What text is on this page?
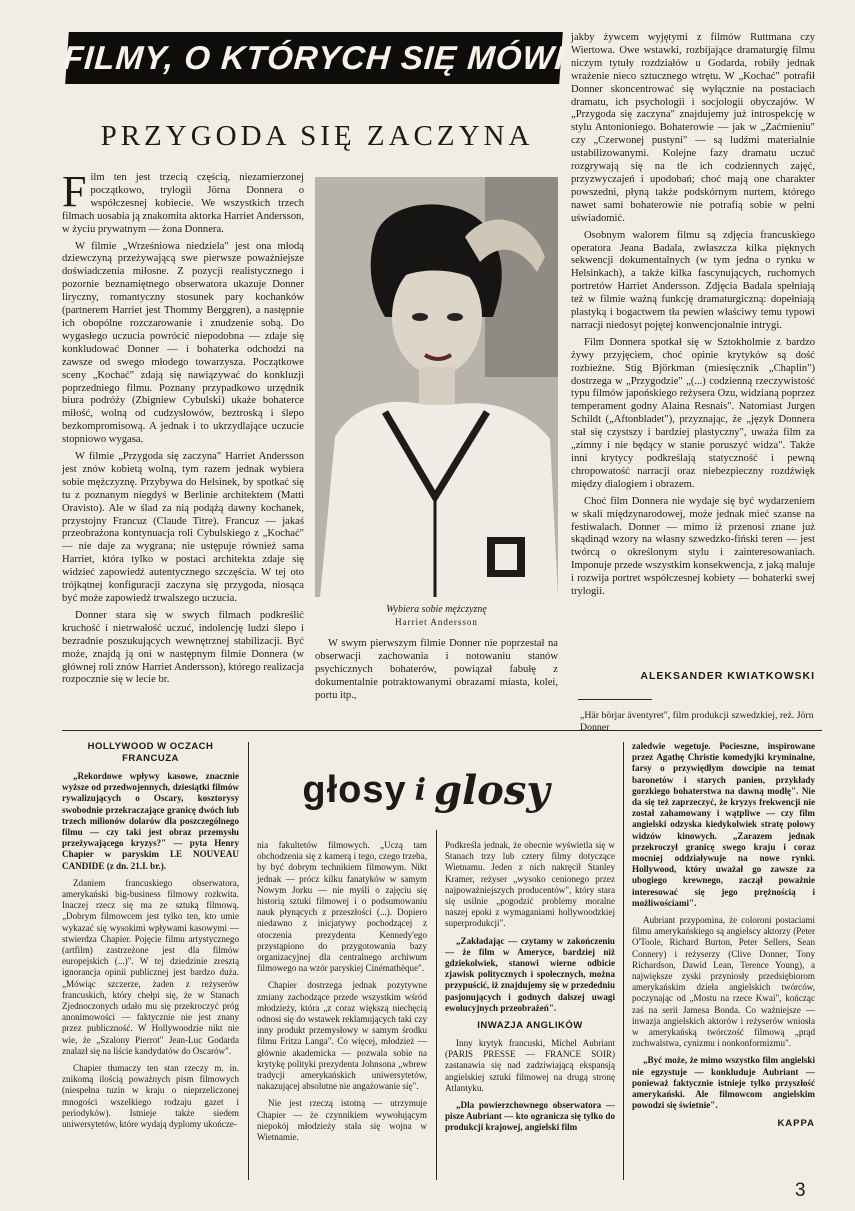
FILMY, O KTÓRYCH SIĘ MÓWI
PRZYGODA SIĘ ZACZYNA

Film ten jest trzecią częścią, niezamierzonej początkowo, trylogii Jörna Donnera o współczesnej kobiecie. We wszystkich trzech filmach uosabia ją znakomita aktorka Harriet Andersson, w życiu prywatnym — żona Donnera.

W filmie „Wrześniowa niedziela" jest ona młodą dziewczyną przeżywającą swe pierwsze poważniejsze doświadczenia miłosne. Z pozycji realistycznego i pozornie beznamiętnego obserwatora ukazuje Donner liryczny, romantyczny stosunek pary kochanków (partnerem Harriet jest Thommy Berggren), a następnie ich obopólne rozczarowanie i znudzenie sobą. Do wygasłego uczucia powrócić niepodobna — zdaje się konkludować Donner — i bohaterka odchodzi na zawsze od swego młodego towarzysza. Początkowe sceny „Kochać" zdają się nawiązywać do konkluzji poprzedniego filmu. Poznany przypadkowo urzędnik biura podróży (Zbigniew Cybulski) ukaże bohaterce miłość, wolną od cudzysłowów, beztroską i ślepo bezkompromisową. A jednak i to ukrzydlające uczucie stopniowo wygasa.

W filmie „Przygoda się zaczyna" Harriet Andersson jest znów kobietą wolną, tym razem jednak wybiera sobie mężczyznę. Przybywa do Helsinek, by spotkać się tu z poznanym niegdyś w Berlinie architektem (Matti Oravisto). Ale w ślad za nią podążą dawny kochanek, przystojny Francuz (Claude Titre). Francuz — jakaś przeobrażona kontynuacja roli Cybulskiego z „Kochać" — nie daje za wygrana; nie ustępuje również sama Harriet, która tylko w postaci architekta zdaje się widzieć zapowiedź autentycznego szczęścia. W tej oto trójkątnej konfiguracji zaczyna się przygoda, niosąca być może zapowiedź trwalszego uczucia.

Donner stara się w swych filmach podkreślić kruchość i nietrwałość uczuć, indolencję ludzi ślepo i bezradnie poszukujących wewnętrznej stabilizacji. Być może, znajdą ją oni w następnym filmie Donnera (w głównej roli znów Harriet Andersson), którego realizacja rozpocznie się w lecie br.

Wybiera sobie mężczyznę
Harriet Andersson

W swym pierwszym filmie Donner nie poprzestał na obserwacji zachowania i notowaniu stanów psychicznych bohaterów, powiązał fabułę z dokumentalnie potraktowanymi obrazami miasta, kolei, portu itp.,

jakby żywcem wyjętymi z filmów Ruttmana czy Wiertowa. Owe wstawki, rozbijające dramaturgię filmu niczym tytuły rozdziałów u Godarda, robiły jednak wrażenie nieco sztucznego wtrętu. W „Kochać" potrafił Donner skoncentrować się wyłącznie na postaciach dramatu, ich psychologii i socjologii obyczajów. W „Przygoda się zaczyna" znajdujemy już introspekcję w stylu Antonioniego. Bohaterowie — jak w „Zaćmieniu" czy „Czerwonej pustyni" — są ludźmi materialnie ustabilizowanymi. Kolejne fazy dramatu uczuć rozgrywają się na tle ich codziennych zajęć, przyzwyczajeń i upodobań; choć mają one charakter powszedni, płyną także podskórnym nurtem, którego nawet sami bohaterowie nie potrafią sobie w pełni uświadomić.

Osobnym walorem filmu są zdjęcia francuskiego operatora Jeana Badala, zwłaszcza kilka pięknych sekwencji dokumentalnych (w tym jedna o rynku w Helsinkach), a także kilka fascynujących, ruchomych portretów Harriet Andersson. Zdjęcia Badala spełniają też w filmie ważną funkcję dramaturgiczną: dopełniają plastyką i bogactwem tła pewien właściwy temu typowi narracji niedosyt pojętej konwencjonalnie intrygi.

Film Donnera spotkał się w Sztokholmie z bardzo żywy przyjęciem, choć opinie krytyków są dość rozbieżne. Stig Björkman (miesięcznik „Chaplin") dostrzega w „Przygodzie" „(...) codzienną rzeczywistość typu filmów japońskiego reżysera Ozu, widzianą poprzez temperament godny Alaina Resnais". Natomiast Jurgen Schildt („Aftonbladet"), przyznając, że „język Donnera stał się czystszy i bardziej plastyczny", uważa film za „zimny i nie będący w stanie poruszyć widza". Także inni krytycy podkreślają statyczność i pewną chropowatość narracji oraz niebezpieczny rozdźwięk między dialogiem i obrazem.

Choć film Donnera nie wydaje się być wydarzeniem w skali międzynarodowej, może jednak mieć szanse na festiwalach. Donner — mimo iż przenosi znane już skądinąd wzory na własny szwedzko-fiński teren — jest twórcą o określonym stylu i zainteresowaniach. Imponuje przede wszystkim konsekwencja, z jaką maluje i rozwija portret współczesnej kobiety — bohaterki swej trylogii.

ALEKSANDER KWIATKOWSKI
„Här börjar äventyret", film produkcji szwedzkiej, reż. Jörn Donner
głosy i glosy
HOLLYWOOD W OCZACH FRANCUZA

„Rekordowe wpływy kasowe, znacznie wyższe od przedwojennych, dziesiątki filmów rywalizujących o Oscary, kosztorysy swobodnie przekraczające granicę dwóch lub trzech milionów dolarów dla poszczególnego filmu — czy taki jest obraz przemysłu przeżywającego kryzys?" — pyta Henry Chapier w paryskim LE NOUVEAU CANDIDE (z dn. 21.I. br.).

Zdaniem francuskiego obserwatora, amerykański big-business filmowy rozkwita. Inaczej rzecz się ma ze sztuką filmową. „Dobrym filmowcem jest tylko ten, kto umie wykazać się wysokimi wpływami kasowymi — stwierdza Chapier. Pojęcie filmu artystycznego (artfilm) zastrzeżone jest dla filmów europejskich (...)". W tej dziedzinie zresztą ignorancja opinii publicznej jest bardzo duża. „Mówiąc szczerze, żaden z reżyserów francuskich, który chełpi się, że w Stanach Zjednoczonych udało mu się przekroczyć próg anonimowości — faktycznie nie jest znany przez publiczność. W Hollywoodzie nikt nie wie, że „Szalony Pierrot" Jean-Luc Godarda znalazł się na liście kandydatów do Oscarów".

Chapier tłumaczy ten stan rzeczy m. in. znikomą ilością poważnych pism filmowych (niespełna tuzin w kraju o nieprzeliczonej mnogości wszelkiego rodzaju gazet i periodyków). Istnieje także siedem uniwersytetów, które wydają dyplomy ukończe-

nia fakultetów filmowych. „Uczą tam obchodzenia się z kamerą i tego, czego trzeba, by być dobrym technikiem filmowym. Nikt jednak — prócz kilku fanatyków w samym Nowym Jorku — nie myśli o zajęciu się historią sztuki filmowej i o podsumowaniu nauk płynących z przeszłości (...). Dopiero niedawno z inicjatywy pochodzącej z otoczenia prezydenta Kennedy'ego przystąpiono do przygotowania bazy organizacyjnej dla centralnego archiwum filmowego na wzór paryskiej Cinémathèque".

Chapier dostrzega jednak pozytywne zmiany zachodzące przede wszystkim wśród młodzieży, która „z coraz większą niechęcią odnosi się do wstawek reklamujących taki czy inny produkt przemysłowy w samym środku filmu Fritza Langa". Co więcej, młodzież — głównie akademicka — pozwala sobie na krytykę polityki prezydenta Johnsona „wbrew tradycji amerykańskich uniwersytetów, nakazującej absolutne nie angażowanie się".

Nie jest rzeczą istotną — utrzymuje Chapier — że czynnikiem wywołującym niepokój młodzieży stała się wojna w Wietnamie.

Podkreśla jednak, że obecnie wyświetla się w Stanach trzy lub cztery filmy dotyczące Wietnamu. Jeden z nich nakręcił Stanley Kramer, reżyser „wysoko cenionego przez najpoważniejszych producentów", który stara się usilnie „pogodzić problemy moralne naszej epoki z wymaganiami hollywoodzkiej superprodukcji".

„Zakładając — czytamy w zakończeniu — że film w Ameryce, bardziej niż gdziekolwiek, stanowi wierne odbicie zjawisk politycznych i społecznych, można przypuścić, iż znajdujemy się w przededniu pasjonujących i godnych dalszej uwagi ewolucyjnych przeobrażeń".

INWAZJA ANGLIKÓW

Inny krytyk francuski, Michel Aubriant (PARIS PRESSE — FRANCE SOIR) zastanawia się nad zadziwiającą ekspansją angielskiej sztuki filmowej na drugą stronę Atlantyku.

„Dla powierzchownego obserwatora — pisze Aubriant — kto ogranicza się tylko do produkcji krajowej, angielski film

zaledwie wegetuje. Pocieszne, inspirowane przez Agathę Christie komedyjki kryminalne, farsy o przywiędłym dowcipie na temat baronetów i starych panien, przykłady gorzkiego bohaterstwa na dawną modłę". Nie da się też zaprzeczyć, że kryzys frekwencji nie został zahamowany i wątpliwe — czy film angielski odzyska kiedykolwiek stratę połowy widzów kinowych. „Zarazem jednak przekroczył granicę swego kraju i coraz mocniej oddziaływuje na nowe rynki. Hollywood, który uważał go zawsze za ubogiego krewnego, zaczął poważnie interesować się jego prężnością i możliwościami".

Aubriant przypomina, że coloroni postaciami filmu amerykańskiego są angielscy aktorzy (Peter O'Toole, Richard Burton, Peter Sellers, Sean Connery) i reżyserzy (Clive Donner, Tony Richardson, Dawid Lean, Terence Young), a największe zyski przyniosły przedsiębiorom amerykańskim dzieła angielskich twórców, poczynając od „Mostu na rzece Kwai", kończąc zaś na serii Jamesa Bonda. Co ważniejsze — inwazja angielskich aktorów i reżyserów wniosła w amerykańską twórczość filmową „prąd zuchwalstwa, cynizmu i nonkonformizmu".

„Być może, że mimo wszystko film angielski nie egzystuje — konkluduje Aubriant — ponieważ faktycznie istnieje tylko przyszłość amerykański. Ale filmowcom angielskim powodzi się świetnie".

KAPPA
3
